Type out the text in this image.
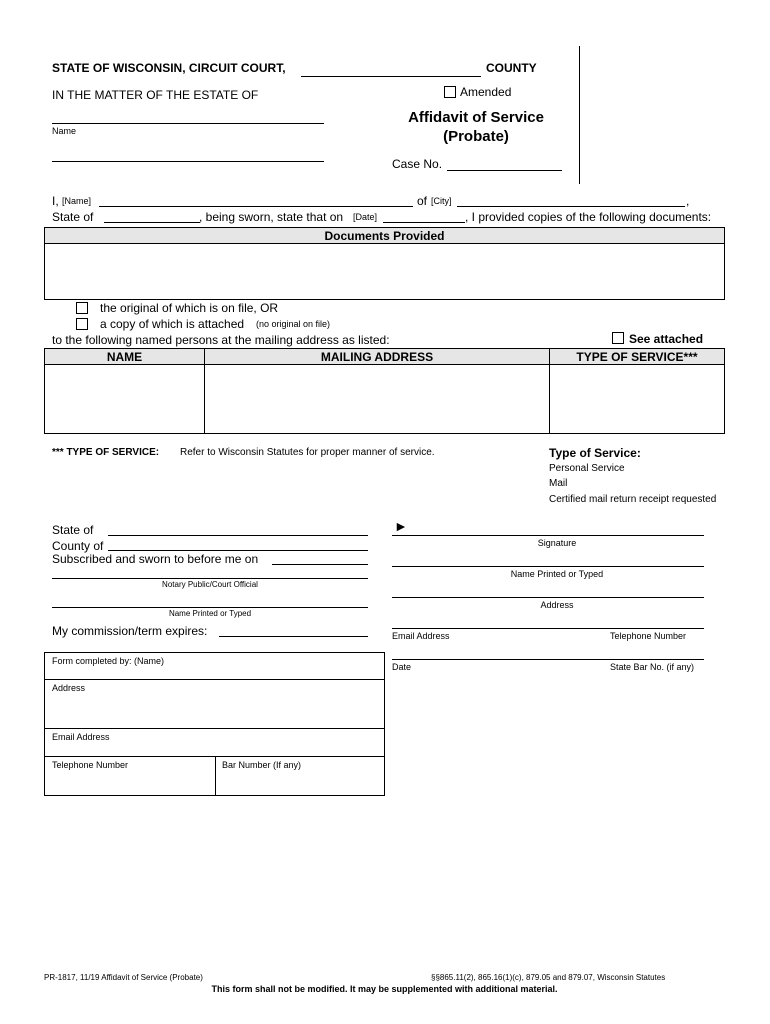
STATE OF WISCONSIN, CIRCUIT COURT,	COUNTY
IN THE MATTER OF THE ESTATE OF
Name
Amended
Affidavit of Service
(Probate)
Case No.
I, [Name]	of [City]	,
State of	, being sworn, state that on [Date]	, I provided copies of the following documents:
Documents Provided
the original of which is on file, OR
a copy of which is attached (no original on file)
to the following named persons at the mailing address as listed:	See attached
NAME	MAILING ADDRESS	TYPE OF SERVICE***
*** TYPE OF SERVICE: Refer to Wisconsin Statutes for proper manner of service.	Type of Service:
Personal Service
Mail
Certified mail return receipt requested
State of
County of
Subscribed and sworn to before me on
Notary Public/Court Official
Name Printed or Typed
My commission/term expires:
►
Signature
Name Printed or Typed
Address
Email Address	Telephone Number
Date	State Bar No. (if any)
Form completed by: (Name)
Address
Email Address
Telephone Number	Bar Number (If any)
PR-1817, 11/19 Affidavit of Service (Probate)	§§865.11(2), 865.16(1)(c), 879.05 and 879.07, Wisconsin Statutes
This form shall not be modified. It may be supplemented with additional material.
